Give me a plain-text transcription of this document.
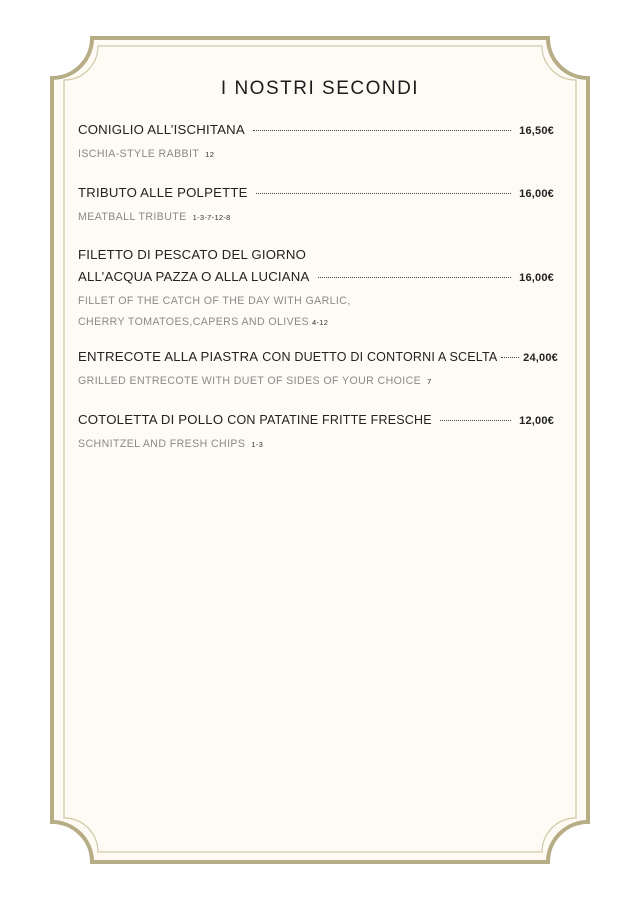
I NOSTRI SECONDI
CONIGLIO ALL’ISCHITANA	16,50€
ISCHIA-STYLE RABBIT 12
TRIBUTO ALLE POLPETTE	16,00€
MEATBALL TRIBUTE 1-3-7-12-8
FILETTO DI PESCATO DEL GIORNO
ALL’ACQUA PAZZA O ALLA LUCIANA	16,00€
FILLET OF THE CATCH OF THE DAY WITH GARLIC,
CHERRY TOMATOES,CAPERS AND OLIVES 4-12
ENTRECOTE ALLA PIASTRA CON DUETTO DI CONTORNI A SCELTA 24,00€
GRILLED ENTRECOTE WITH DUET OF SIDES OF YOUR CHOICE 7
COTOLETTA DI POLLO CON PATATINE FRITTE FRESCHE	12,00€
SCHNITZEL AND FRESH CHIPS 1-3
